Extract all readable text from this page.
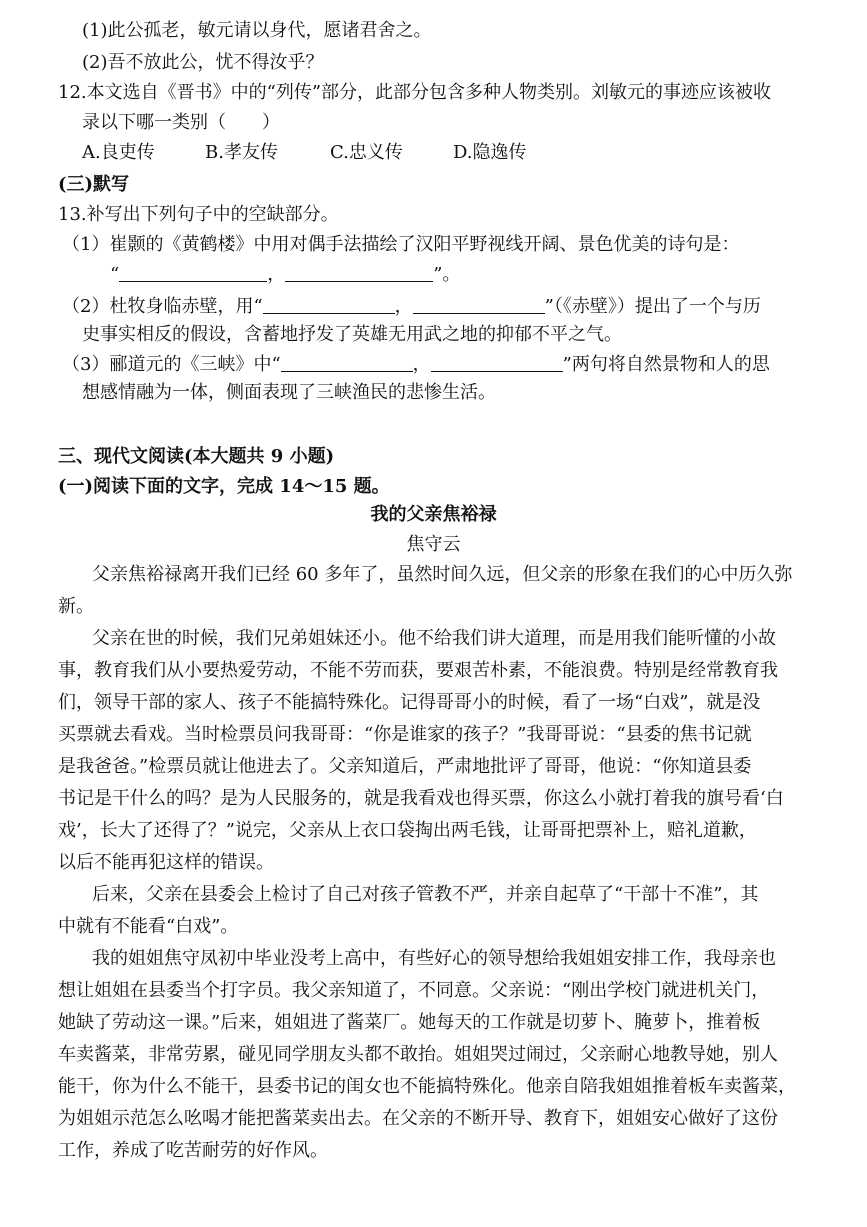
(1)此公孤老，敏元请以身代，愿诸君舍之。
(2)吾不放此公，忧不得汝乎？
12.本文选自《晋书》中的“列传”部分，此部分包含多种人物类别。刘敏元的事迹应该被收
录以下哪一类别（　　）
A.良吏传	B.孝友传	C.忠义传	D.隐逸传
(三)默写
13.补写出下列句子中的空缺部分。
（1）崔颢的《黄鹤楼》中用对偶手法描绘了汉阳平野视线开阔、景色优美的诗句是：
“	，	”。
（2）杜牧身临赤壁，用“	，	”（《赤壁》）提出了一个与历
史事实相反的假设，含蓄地抒发了英雄无用武之地的抑郁不平之气。
（3）郦道元的《三峡》中“	，	”两句将自然景物和人的思
想感情融为一体，侧面表现了三峡渔民的悲惨生活。
三、现代文阅读(本大题共 9 小题)
(一)阅读下面的文字，完成 14～15 题。
我的父亲焦裕禄
焦守云
父亲焦裕禄离开我们已经 60 多年了，虽然时间久远，但父亲的形象在我们的心中历久弥
新。
父亲在世的时候，我们兄弟姐妹还小。他不给我们讲大道理，而是用我们能听懂的小故
事，教育我们从小要热爱劳动，不能不劳而获，要艰苦朴素，不能浪费。特别是经常教育我
们，领导干部的家人、孩子不能搞特殊化。记得哥哥小的时候，看了一场“白戏”，就是没
买票就去看戏。当时检票员问我哥哥：“你是谁家的孩子？”我哥哥说：“县委的焦书记就
是我爸爸。”检票员就让他进去了。父亲知道后，严肃地批评了哥哥，他说：“你知道县委
书记是干什么的吗？是为人民服务的，就是我看戏也得买票，你这么小就打着我的旗号看‘白
戏’，长大了还得了？”说完，父亲从上衣口袋掏出两毛钱，让哥哥把票补上，赔礼道歉，
以后不能再犯这样的错误。
后来，父亲在县委会上检讨了自己对孩子管教不严，并亲自起草了“干部十不准”，其
中就有不能看“白戏”。
我的姐姐焦守凤初中毕业没考上高中，有些好心的领导想给我姐姐安排工作，我母亲也
想让姐姐在县委当个打字员。我父亲知道了，不同意。父亲说：“刚出学校门就进机关门，
她缺了劳动这一课。”后来，姐姐进了酱菜厂。她每天的工作就是切萝卜、腌萝卜，推着板
车卖酱菜，非常劳累，碰见同学朋友头都不敢抬。姐姐哭过闹过，父亲耐心地教导她，别人
能干，你为什么不能干，县委书记的闺女也不能搞特殊化。他亲自陪我姐姐推着板车卖酱菜，
为姐姐示范怎么吆喝才能把酱菜卖出去。在父亲的不断开导、教育下，姐姐安心做好了这份
工作，养成了吃苦耐劳的好作风。
